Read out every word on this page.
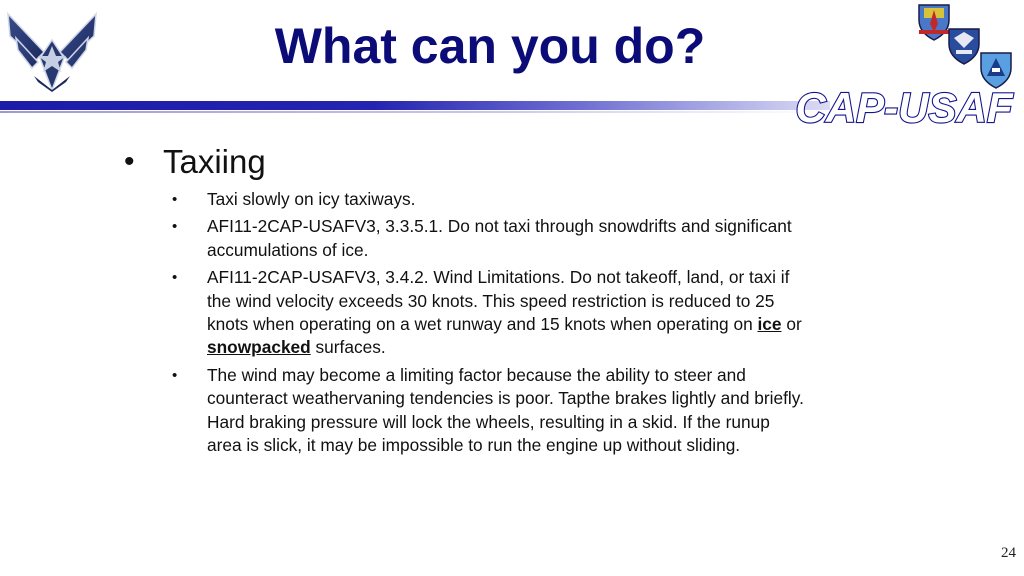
What can you do?
CAP-USAF
• Taxiing
• Taxi slowly on icy taxiways.
• AFI11-2CAP-USAFV3, 3.3.5.1. Do not taxi through snowdrifts and significant accumulations of ice.
• AFI11-2CAP-USAFV3, 3.4.2. Wind Limitations. Do not takeoff, land, or taxi if the wind velocity exceeds 30 knots. This speed restriction is reduced to 25 knots when operating on a wet runway and 15 knots when operating on ice or snowpacked surfaces.
• The wind may become a limiting factor because the ability to steer and counteract weathervaning tendencies is poor. Tapthe brakes lightly and briefly. Hard braking pressure will lock the wheels, resulting in a skid. If the runup area is slick, it may be impossible to run the engine up without sliding.
24
